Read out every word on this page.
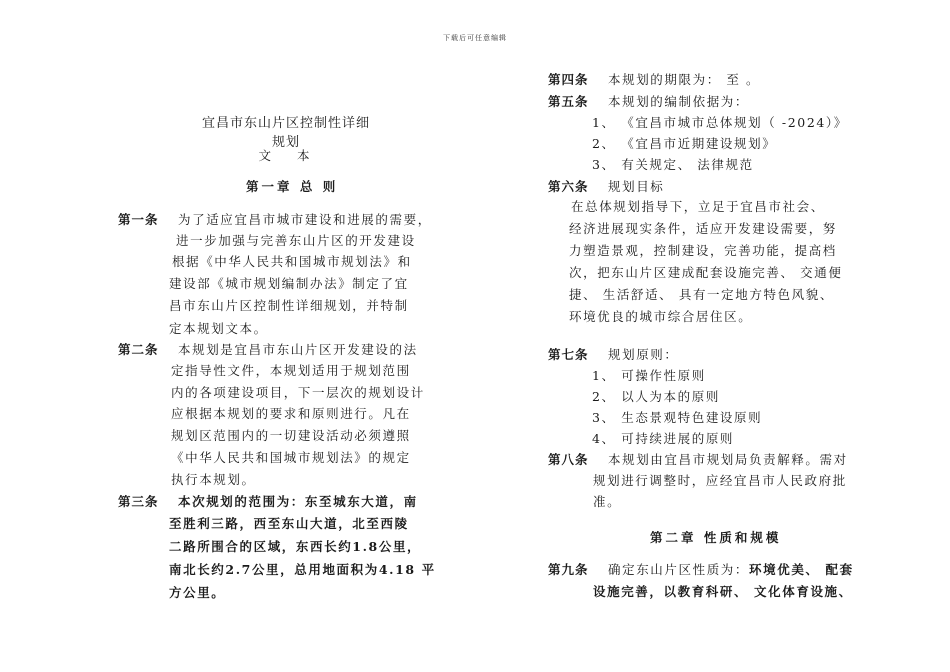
下载后可任意编辑
宜昌市东山片区控制性详细规划
文 本
第一章 总 则
第一条 为了适应宜昌市城市建设和进展的需要，
进一步加强与完善东山片区的开发建设
根据《中华人民共和国城市规划法》和
建设部《城市规划编制办法》制定了宜
昌市东山片区控制性详细规划，并特制
定本规划文本。
第二条 本规划是宜昌市东山片区开发建设的法
定指导性文件，本规划适用于规划范围
内的各项建设项目，下一层次的规划设计
应根据本规划的要求和原则进行。凡在
规划区范围内的一切建设活动必须遵照
《中华人民共和国城市规划法》的规定
执行本规划。
第三条 本次规划的范围为：东至城东大道，南
至胜利三路，西至东山大道，北至西陵
二路所围合的区域，东西长约1.8公里，
南北长约2.7公里，总用地面积为4.18 平
方公里。
第四条 本规划的期限为： 至 。
第五条 本规划的编制依据为：
1、 《宜昌市城市总体规划（ -2024）》
2、 《宜昌市近期建设规划》
3、 有关规定、 法律规范
第六条 规划目标
在总体规划指导下，立足于宜昌市社会、
经济进展现实条件，适应开发建设需要，努
力塑造景观，控制建设，完善功能，提高档
次，把东山片区建成配套设施完善、 交通便
捷、 生活舒适、 具有一定地方特色风貌、
环境优良的城市综合居住区。
第七条 规划原则：
1、 可操作性原则
2、 以人为本的原则
3、 生态景观特色建设原则
4、 可持续进展的原则
第八条 本规划由宜昌市规划局负责解释。需对
规划进行调整时，应经宜昌市人民政府批
准。
第二章 性质和规模
第九条 确定东山片区性质为：环境优美、 配套
设施完善，以教育科研、 文化体育设施、
